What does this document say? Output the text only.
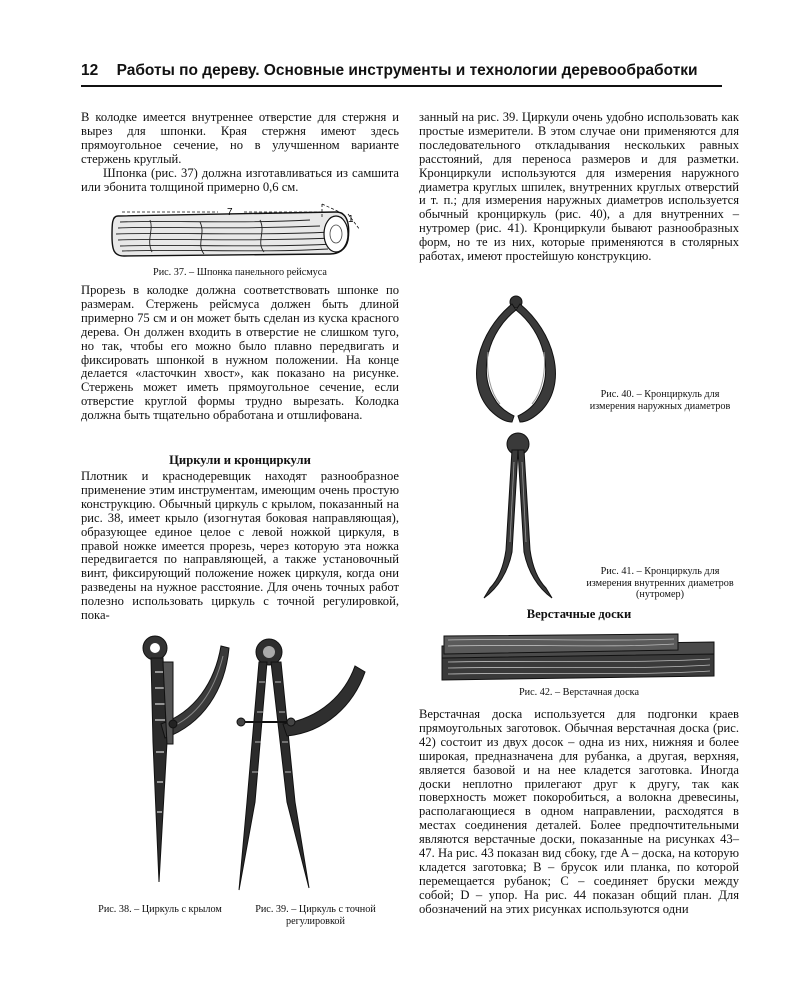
12 Работы по дереву. Основные инструменты и технологии деревообработки

В колодке имеется внутреннее отверстие для стержня и вырез для шпонки. Края стержня имеют здесь прямоугольное сечение, но в улучшенном варианте стержень круглый.

Шпонка (рис. 37) должна изготавливаться из самшита или эбонита толщиной примерно 0,6 см.

7
1
Рис. 37. – Шпонка панельного рейсмуса

Прорезь в колодке должна соответствовать шпонке по размерам. Стержень рейсмуса должен быть длиной примерно 75 см и он может быть сделан из куска красного дерева. Он должен входить в отверстие не слишком туго, но так, чтобы его можно было плавно передвигать и фиксировать шпонкой в нужном положении. На конце делается «ласточкин хвост», как показано на рисунке. Стержень может иметь прямоугольное сечение, если отверстие круглой формы трудно вырезать. Колодка должна быть тщательно обработана и отшлифована.

Циркули и кронциркули

Плотник и краснодеревщик находят разнообразное применение этим инструментам, имеющим очень простую конструкцию. Обычный циркуль с крылом, показанный на рис. 38, имеет крыло (изогнутая боковая направляющая), образующее единое целое с левой ножкой циркуля, в правой ножке имеется прорезь, через которую эта ножка передвигается по направляющей, а также установочный винт, фиксирующий положение ножек циркуля, когда они разведены на нужное расстояние. Для очень точных работ полезно использовать циркуль с точной регулировкой, пока-

Рис. 38. – Циркуль с крылом	Рис. 39. – Циркуль с точной регулировкой

занный на рис. 39. Циркули очень удобно использовать как простые измерители. В этом случае они применяются для последовательного откладывания нескольких равных расстояний, для переноса размеров и для разметки. Кронциркули используются для измерения наружного диаметра круглых шпилек, внутренних круглых отверстий и т. п.; для измерения наружных диаметров используется обычный кронциркуль (рис. 40), а для внутренних – нутромер (рис. 41). Кронциркули бывают разнообразных форм, но те из них, которые применяются в столярных работах, имеют простейшую конструкцию.

Рис. 40. – Кронциркуль для измерения наружных диаметров
Рис. 41. – Кронциркуль для измерения внутренних диаметров (нутромер)
Верстачные доски
Рис. 42. – Верстачная доска

Верстачная доска используется для подгонки краев прямоугольных заготовок. Обычная верстачная доска (рис. 42) состоит из двух досок – одна из них, нижняя и более широкая, предназначена для рубанка, а другая, верхняя, является базовой и на нее кладется заготовка. Иногда доски неплотно прилегают друг к другу, так как поверхность может покоробиться, а волокна древесины, располагающиеся в одном направлении, расходятся в местах соединения деталей. Более предпочтительными являются верстачные доски, показанные на рисунках 43–47. На рис. 43 показан вид сбоку, где A – доска, на которую кладется заготовка; B – брусок или планка, по которой перемещается рубанок; C – соединяет бруски между собой; D – упор. На рис. 44 показан общий план. Для обозначений на этих рисунках используются одни
